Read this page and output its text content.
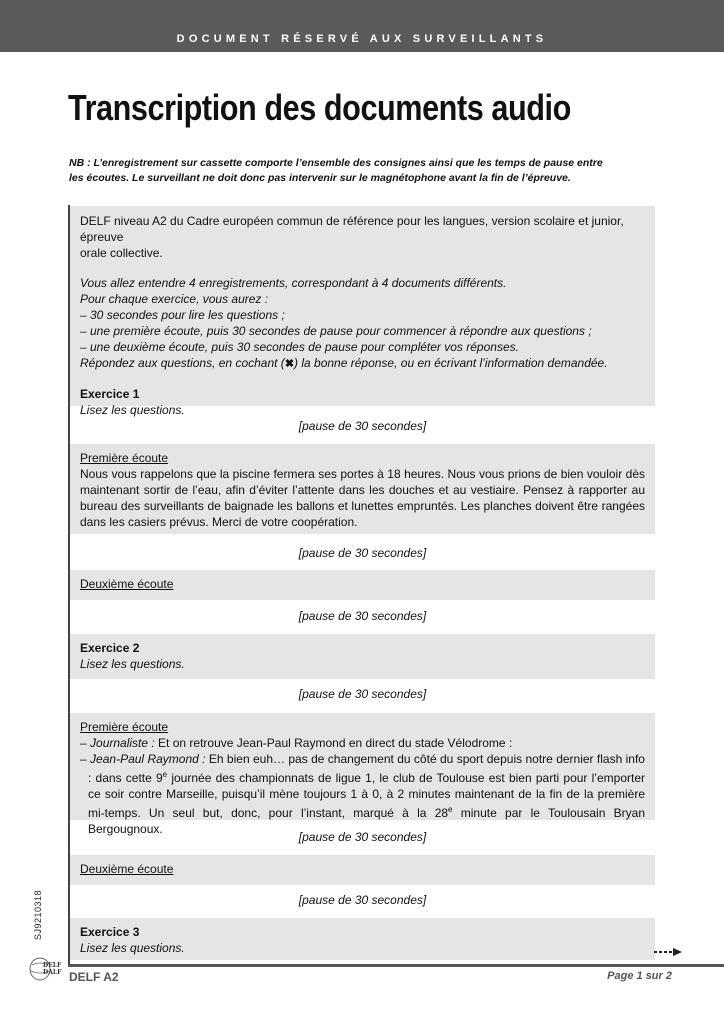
DOCUMENT RÉSERVÉ AUX SURVEILLANTS
Transcription des documents audio
NB : L’enregistrement sur cassette comporte l’ensemble des consignes ainsi que les temps de pause entre
les écoutes. Le surveillant ne doit donc pas intervenir sur le magnétophone avant la fin de l’épreuve.
DELF niveau A2 du Cadre européen commun de référence pour les langues, version scolaire et junior, épreuve
orale collective.
Vous allez entendre 4 enregistrements, correspondant à 4 documents différents.
Pour chaque exercice, vous aurez :
– 30 secondes pour lire les questions ;
– une première écoute, puis 30 secondes de pause pour commencer à répondre aux questions ;
– une deuxième écoute, puis 30 secondes de pause pour compléter vos réponses.
Répondez aux questions, en cochant (✖) la bonne réponse, ou en écrivant l’information demandée.
Exercice 1
Lisez les questions.
[pause de 30 secondes]
Première écoute
Nous vous rappelons que la piscine fermera ses portes à 18 heures. Nous vous prions de bien vouloir dès maintenant sortir de l’eau, afin d’éviter l’attente dans les douches et au vestiaire. Pensez à rapporter au bureau des surveillants de baignade les ballons et lunettes empruntés. Les planches doivent être rangées dans les casiers prévus. Merci de votre coopération.
[pause de 30 secondes]
Deuxième écoute
[pause de 30 secondes]
Exercice 2
Lisez les questions.
[pause de 30 secondes]
Première écoute
– Journaliste : Et on retrouve Jean-Paul Raymond en direct du stade Vélodrome :
– Jean-Paul Raymond : Eh bien euh… pas de changement du côté du sport depuis notre dernier flash info : dans cette 9e journée des championnats de ligue 1, le club de Toulouse est bien parti pour l’emporter ce soir contre Marseille, puisqu’il mène toujours 1 à 0, à 2 minutes maintenant de la fin de la première mi-temps. Un seul but, donc, pour l’instant, marqué à la 28e minute par le Toulousain Bryan Bergougnoux.
[pause de 30 secondes]
Deuxième écoute
[pause de 30 secondes]
Exercice 3
Lisez les questions.
SJ9210318
DELF
DALF DELF A2	Page 1 sur 2
